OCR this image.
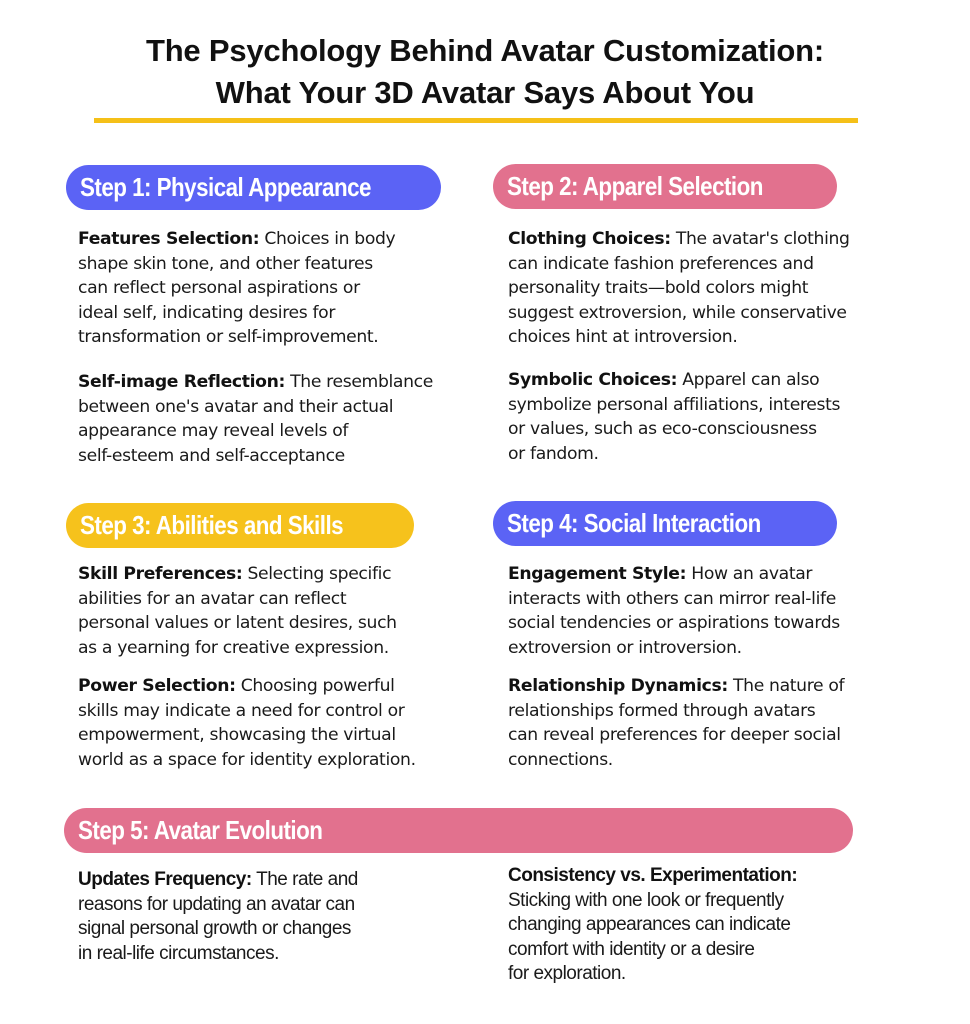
The Psychology Behind Avatar Customization:
What Your 3D Avatar Says About You
Step 1: Physical Appearance
Features Selection: Choices in body
shape skin tone, and other features
can reflect personal aspirations or
ideal self, indicating desires for
transformation or self-improvement.
Self-image Reflection: The resemblance
between one's avatar and their actual
appearance may reveal levels of
self-esteem and self-acceptance
Step 2: Apparel Selection
Clothing Choices: The avatar's clothing
can indicate fashion preferences and
personality traits—bold colors might
suggest extroversion, while conservative
choices hint at introversion.
Symbolic Choices: Apparel can also
symbolize personal affiliations, interests
or values, such as eco-consciousness
or fandom.
Step 3: Abilities and Skills
Skill Preferences: Selecting specific
abilities for an avatar can reflect
personal values or latent desires, such
as a yearning for creative expression.
Power Selection: Choosing powerful
skills may indicate a need for control or
empowerment, showcasing the virtual
world as a space for identity exploration.
Step 4: Social Interaction
Engagement Style: How an avatar
interacts with others can mirror real-life
social tendencies or aspirations towards
extroversion or introversion.
Relationship Dynamics: The nature of
relationships formed through avatars
can reveal preferences for deeper social
connections.
Step 5: Avatar Evolution
Updates Frequency: The rate and
reasons for updating an avatar can
signal personal growth or changes
in real-life circumstances.
Consistency vs. Experimentation:
Sticking with one look or frequently
changing appearances can indicate
comfort with identity or a desire
for exploration.
